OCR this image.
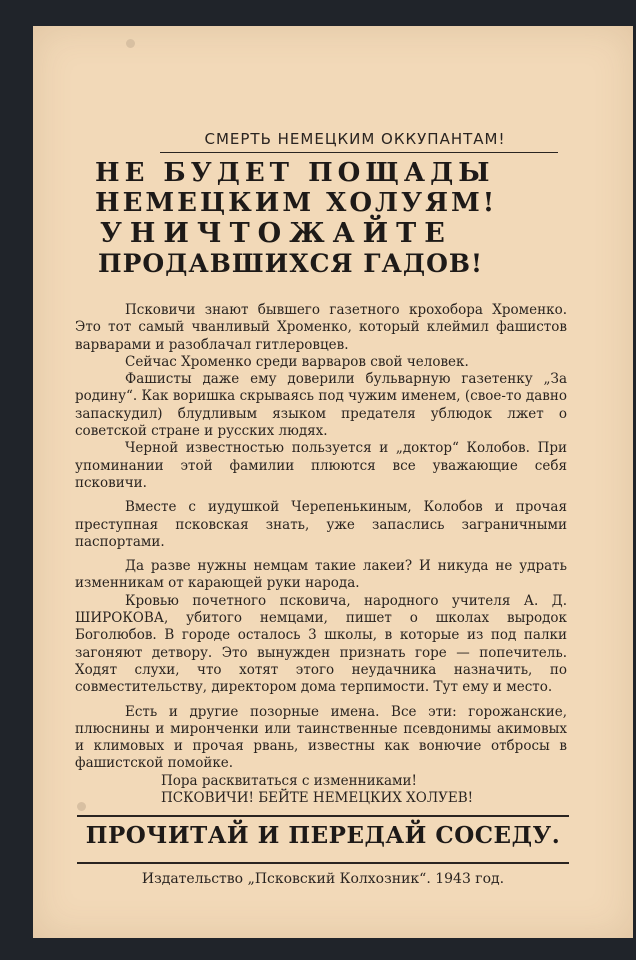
СМЕРТЬ НЕМЕЦКИМ ОККУПАНТАМ!
НЕ БУДЕТ ПОЩАДЫ
НЕМЕЦКИМ ХОЛУЯМ!
УНИЧТОЖАЙТЕ
ПРОДАВШИХСЯ ГАДОВ!

Псковичи знают бывшего газетного крохобора Хроменко. Это тот самый чванливый Хроменко, который клеймил фашистов варварами и разоблачал гитлеровцев.

Сейчас Хроменко среди варваров свой человек.

Фашисты даже ему доверили бульварную газетенку „За родину“. Как воришка скрываясь под чужим именем, (свое-то давно запаскудил) блудливым языком предателя ублюдок лжет о советской стране и русских людях.

Черной известностью пользуется и „доктор“ Колобов. При упоминании этой фамилии плюются все уважающие себя псковичи.

Вместе с иудушкой Черепенькиным, Колобов и прочая преступная псковская знать, уже запаслись заграничными паспортами.

Да разве нужны немцам такие лакеи? И никуда не удрать изменникам от карающей руки народа.

Кровью почетного псковича, народного учителя А. Д. ШИРОКОВА, убитого немцами, пишет о школах выродок Боголюбов. В городе осталось 3 школы, в которые из под палки загоняют детвору. Это вынужден признать горе — попечитель. Ходят слухи, что хотят этого неудачника назначить, по совместительству, директором дома терпимости. Тут ему и место.

Есть и другие позорные имена. Все эти: горожанские, плюснины и миронченки или таинственные псевдонимы акимовых и климовых и прочая рвань, известны как вонючие отбросы в фашистской помойке.

Пора расквитаться с изменниками!
ПСКОВИЧИ! БЕЙТЕ НЕМЕЦКИХ ХОЛУЕВ!
ПРОЧИТАЙ И ПЕРЕДАЙ СОСЕДУ.
Издательство „Псковский Колхозник“. 1943 год.
